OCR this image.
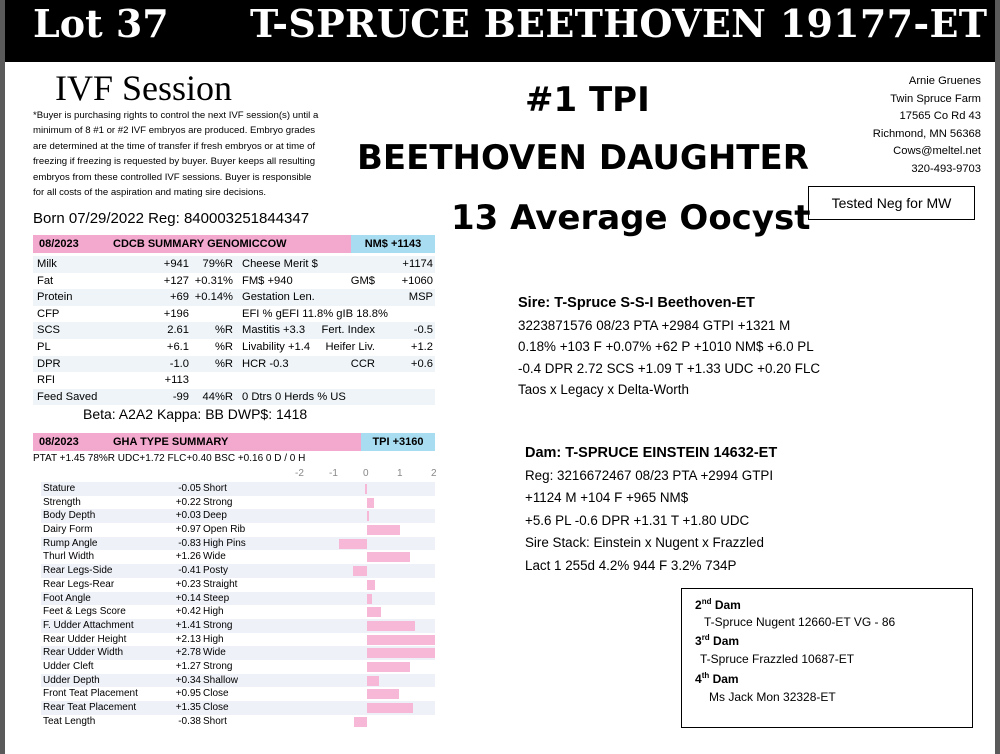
Lot 37 T-SPRUCE BEETHOVEN 19177-ET
IVF Session
*Buyer is purchasing rights to control the next IVF session(s) until a minimum of 8 #1 or #2 IVF embryos are produced. Embryo grades are determined at the time of transfer if fresh embryos or at time of freezing if freezing is requested by buyer. Buyer keeps all resulting embryos from these controlled IVF sessions. Buyer is responsible for all costs of the aspiration and mating sire decisions.
Born 07/29/2022 Reg: 840003251844347
#1 TPI
BEETHOVEN DAUGHTER
13 Average Oocyst
Arnie Gruenes
Twin Spruce Farm
17565 Co Rd 43
Richmond, MN 56368
Cows@meltel.net
320-493-9703
Tested Neg for MW
08/2023	CDCB SUMMARY GENOMICCOW	NM$ +1143
Milk	+941	79%R Cheese Merit $	+1174
Fat	+127 +0.31% FM$ +940	GM$	+1060
Protein	+69 +0.14% Gestation Len.	MSP
CFP	+196	EFI % gEFI 11.8% gIB 18.8%
SCS	2.61	%R Mastitis +3.3 Fert. Index	-0.5
PL	+6.1	%R Livability +1.4 Heifer Liv.	+1.2
DPR	-1.0	%R HCR -0.3	CCR	+0.6
RFI	+113
Feed Saved	-99	44%R 0 Dtrs 0 Herds % US
Beta: A2A2 Kappa: BB DWP$: 1418
08/2023	GHA TYPE SUMMARY	TPI +3160
PTAT +1.45 78%R UDC+1.72 FLC+0.40 BSC +0.16 0 D / 0 H
-2	-1	0	1	2
Stature	-0.05 Short
Strength	+0.22 Strong
Body Depth	+0.03 Deep
Dairy Form	+0.97 Open Rib
Rump Angle	-0.83 High Pins
Thurl Width	+1.26 Wide
Rear Legs-Side	-0.41 Posty
Rear Legs-Rear	+0.23 Straight
Foot Angle	+0.14 Steep
Feet & Legs Score	+0.42 High
F. Udder Attachment	+1.41 Strong
Rear Udder Height	+2.13 High
Rear Udder Width	+2.78 Wide
Udder Cleft	+1.27 Strong
Udder Depth	+0.34 Shallow
Front Teat Placement	+0.95 Close
Rear Teat Placement	+1.35 Close
Teat Length	-0.38 Short
Sire: T-Spruce S-S-I Beethoven-ET
3223871576 08/23 PTA +2984 GTPI +1321 M
0.18% +103 F +0.07% +62 P +1010 NM$ +6.0 PL
-0.4 DPR 2.72 SCS +1.09 T +1.33 UDC +0.20 FLC
Taos x Legacy x Delta-Worth
Dam: T-SPRUCE EINSTEIN 14632-ET
Reg: 3216672467 08/23 PTA +2994 GTPI
+1124 M +104 F +965 NM$
+5.6 PL -0.6 DPR +1.31 T +1.80 UDC
Sire Stack: Einstein x Nugent x Frazzled
Lact 1 255d 4.2% 944 F 3.2% 734P
2nd Dam
T-Spruce Nugent 12660-ET VG - 86
3rd Dam
T-Spruce Frazzled 10687-ET
4th Dam
Ms Jack Mon 32328-ET
